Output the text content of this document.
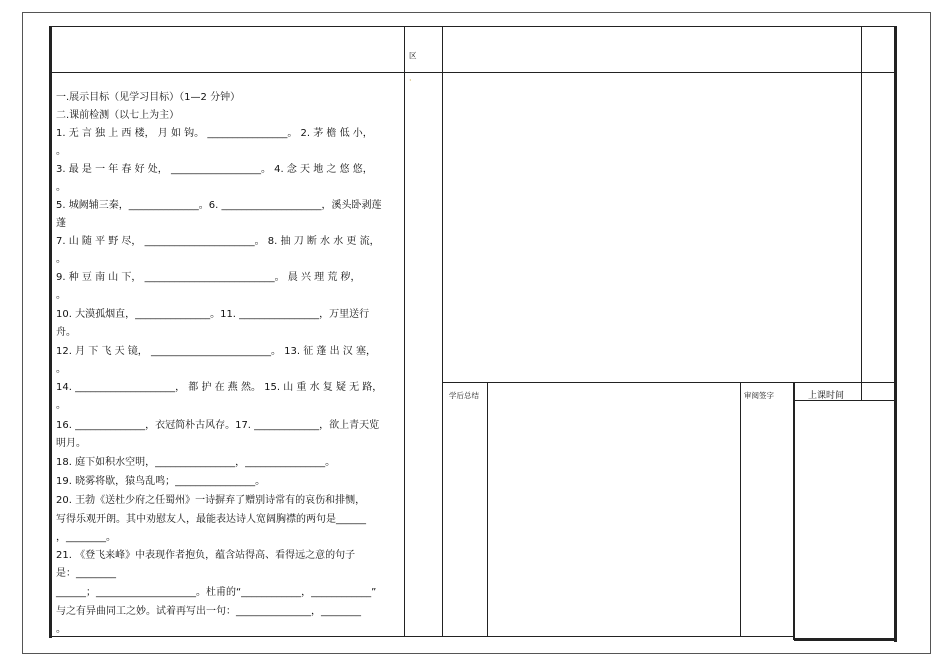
区
·
学后总结	审阅签字	上课时间
一.展示目标（见学习目标）（1—2 分钟）
二.课前检测（以七上为主）
1. 无 言 独 上 西 楼， 月 如 钩。 ________________。 2. 茅 檐 低 小，
。
3. 最 是 一 年 春 好 处， __________________。 4. 念 天 地 之 悠 悠，
。
5. 城阙辅三秦，______________。6. ____________________，溪头卧剥莲
蓬
7. 山 随 平 野 尽， ______________________。 8. 抽 刀 断 水 水 更 流，
。
9. 种 豆 南 山 下， __________________________。 晨 兴 理 荒 秽，
。
10. 大漠孤烟直，_______________。11. ________________，万里送行
舟。
12. 月 下 飞 天 镜， ________________________。 13. 征 蓬 出 汉 塞，
。
14. ____________________， 都 护 在 燕 然。 15. 山 重 水 复 疑 无 路，
。
16. ______________，衣冠简朴古风存。17. _____________，欲上青天览
明月。
18. 庭下如积水空明，________________，________________。
19. 晓雾将歇，猿鸟乱鸣；________________。
20. 王勃《送杜少府之任蜀州》一诗摒弃了赠别诗常有的哀伤和排恻，
写得乐观开朗。其中劝慰友人，最能表达诗人宽阔胸襟的两句是______
，________。
21. 《登飞来峰》中表现作者抱负，蕴含站得高、看得远之意的句子
是：________
______；____________________。杜甫的“____________，____________”
与之有异曲同工之妙。试着再写出一句：_______________，________
。
